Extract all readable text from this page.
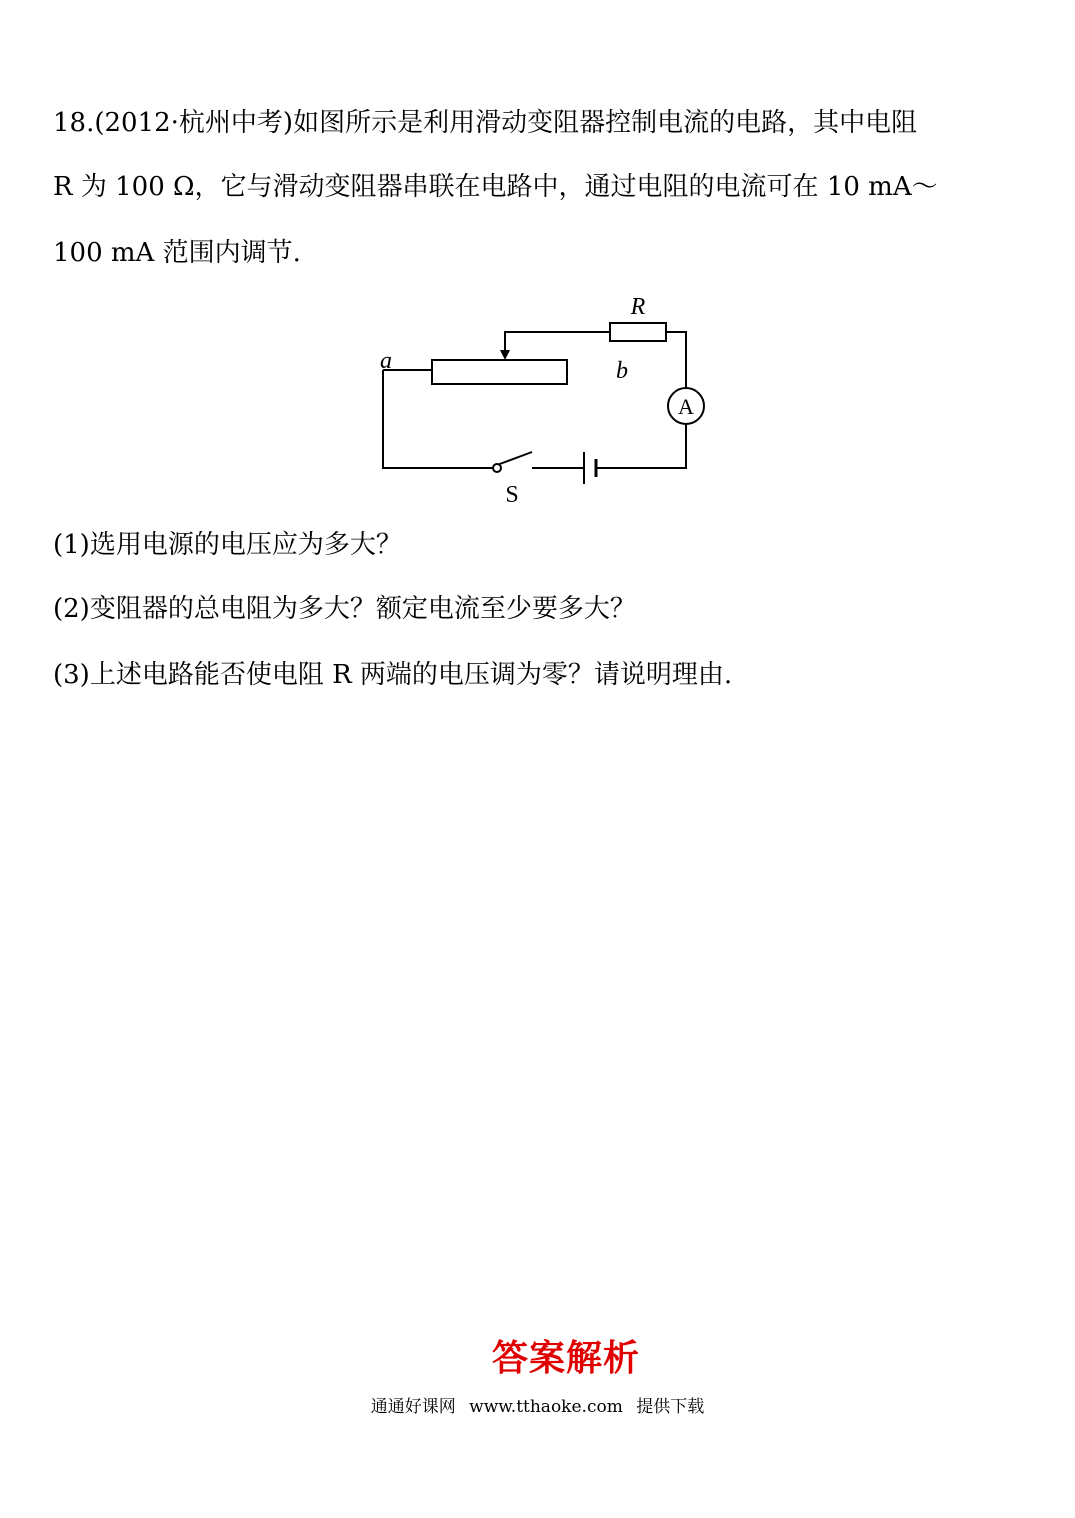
18.(2012·杭州中考)如图所示是利用滑动变阻器控制电流的电路，其中电阻
R 为 100 Ω，它与滑动变阻器串联在电路中，通过电阻的电流可在 10 mA～
100 mA 范围内调节.
R
a	b
A
S
(1)选用电源的电压应为多大？
(2)变阻器的总电阻为多大？额定电流至少要多大？
(3)上述电路能否使电阻 R 两端的电压调为零？请说明理由.
答案解析
通通好课网 www.tthaoke.com 提供下载
